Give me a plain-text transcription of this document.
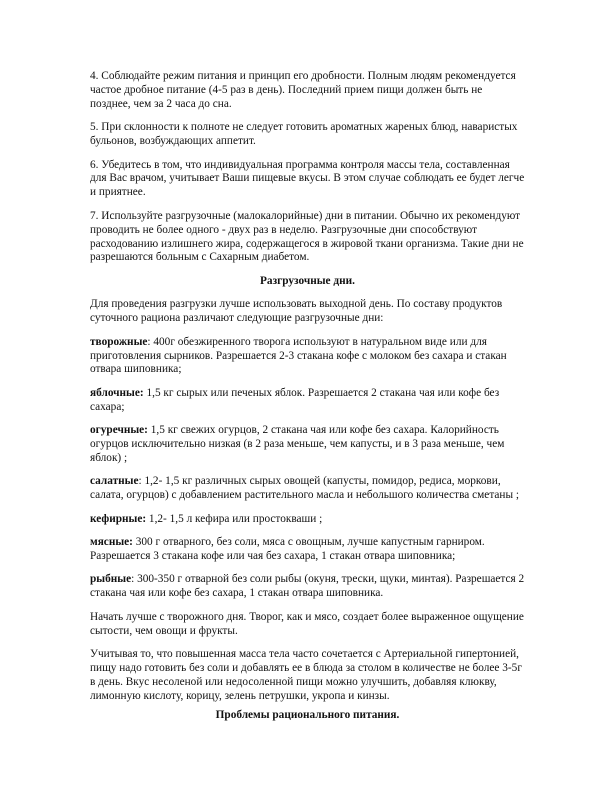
4. Соблюдайте режим питания и принцип его дробности. Полным людям рекомендуется частое дробное питание (4-5 раз в день). Последний прием пищи должен быть не позднее, чем за 2 часа до сна.

5. При склонности к полноте не следует готовить ароматных жареных блюд, наваристых бульонов, возбуждающих аппетит.

6. Убедитесь в том, что индивидуальная программа контроля массы тела, составленная для Вас врачом, учитывает Ваши пищевые вкусы. В этом случае соблюдать ее будет легче и приятнее.

7. Используйте разгрузочные (малокалорийные) дни в питании. Обычно их рекомендуют проводить не более одного - двух раз в неделю. Разгрузочные дни способствуют расходованию излишнего жира, содержащегося в жировой ткани организма. Такие дни не разрешаются больным с Сахарным диабетом.

Разгрузочные дни.

Для проведения разгрузки лучше использовать выходной день. По составу продуктов суточного рациона различают следующие разгрузочные дни:

творожные: 400г обезжиренного творога используют в натуральном виде или для приготовления сырников. Разрешается 2-3 стакана кофе с молоком без сахара и стакан отвара шиповника;

яблочные: 1,5 кг сырых или печеных яблок. Разрешается 2 стакана чая или кофе без сахара;

огуречные: 1,5 кг свежих огурцов, 2 стакана чая или кофе без сахара. Калорийность огурцов исключительно низкая (в 2 раза меньше, чем капусты, и в 3 раза меньше, чем яблок) ;

салатные: 1,2- 1,5 кг различных сырых овощей (капусты, помидор, редиса, моркови, салата, огурцов) с добавлением растительного масла и небольшого количества сметаны ;

кефирные: 1,2- 1,5 л кефира или простокваши ;

мясные: 300 г отварного, без соли, мяса с овощным, лучше капустным гарниром. Разрешается 3 стакана кофе или чая без сахара, 1 стакан отвара шиповника;

рыбные: 300-350 г отварной без соли рыбы (окуня, трески, щуки, минтая). Разрешается 2 стакана чая или кофе без сахара, 1 стакан отвара шиповника.

Начать лучше с творожного дня. Творог, как и мясо, создает более выраженное ощущение сытости, чем овощи и фрукты.

Учитывая то, что повышенная масса тела часто сочетается с Артериальной гипертонией, пищу надо готовить без соли и добавлять ее в блюда за столом в количестве не более 3-5г в день. Вкус несоленой или недосоленной пищи можно улучшить, добавляя клюкву, лимонную кислоту, корицу, зелень петрушки, укропа и кинзы.

Проблемы рационального питания.
